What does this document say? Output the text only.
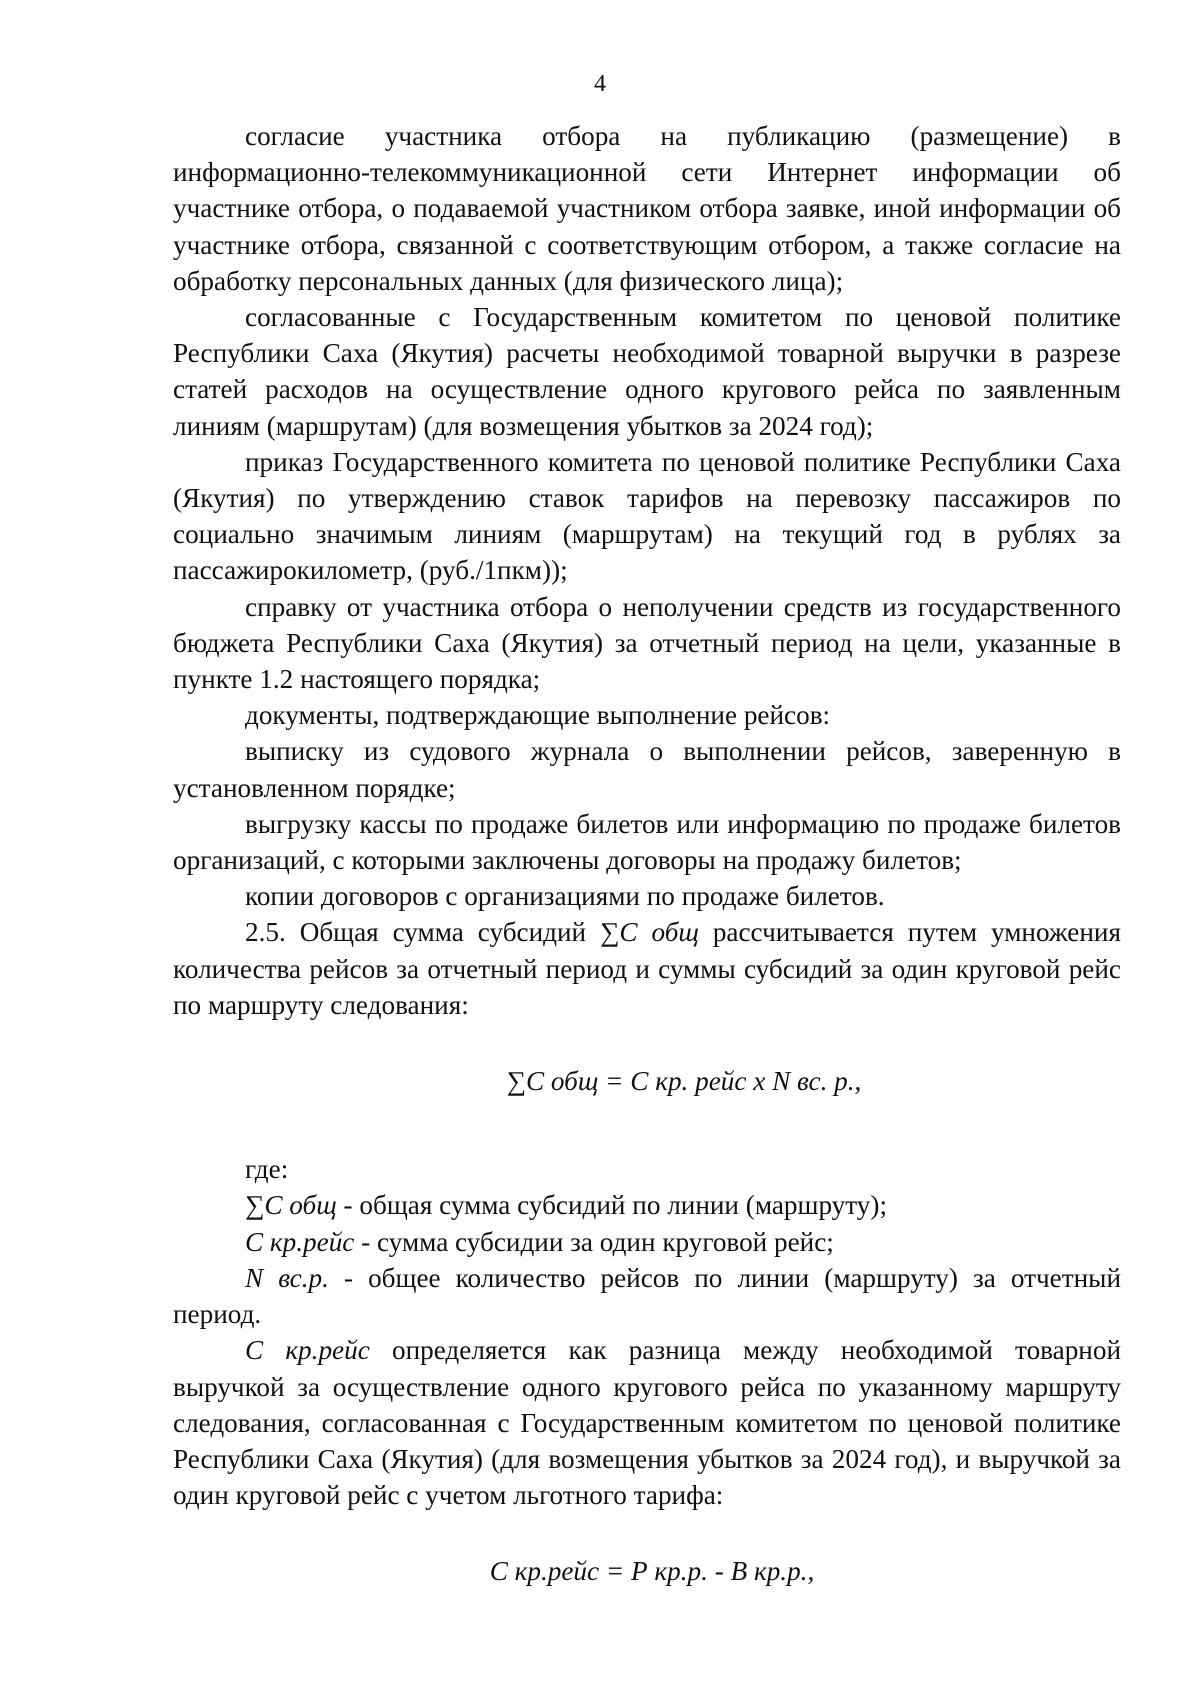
4

согласие участника отбора на публикацию (размещение) в информационно-телекоммуникационной сети Интернет информации об участнике отбора, о подаваемой участником отбора заявке, иной информации об участнике отбора, связанной с соответствующим отбором, а также согласие на обработку персональных данных (для физического лица);

согласованные с Государственным комитетом по ценовой политике Республики Саха (Якутия) расчеты необходимой товарной выручки в разрезе статей расходов на осуществление одного кругового рейса по заявленным линиям (маршрутам) (для возмещения убытков за 2024 год);

приказ Государственного комитета по ценовой политике Республики Саха (Якутия) по утверждению ставок тарифов на перевозку пассажиров по социально значимым линиям (маршрутам) на текущий год в рублях за пассажирокилометр, (руб./1пкм));

справку от участника отбора о неполучении средств из государственного бюджета Республики Саха (Якутия) за отчетный период на цели, указанные в пункте 1.2 настоящего порядка;

документы, подтверждающие выполнение рейсов:

выписку из судового журнала о выполнении рейсов, заверенную в установленном порядке;

выгрузку кассы по продаже билетов или информацию по продаже билетов организаций, с которыми заключены договоры на продажу билетов;

копии договоров с организациями по продаже билетов.

2.5. Общая сумма субсидий ∑С общ рассчитывается путем умножения количества рейсов за отчетный период и суммы субсидий за один круговой рейс по маршруту следования:

∑С общ = С кр. рейс х N вс. р.,

где:

∑С общ - общая сумма субсидий по линии (маршруту);

С кр.рейс - сумма субсидии за один круговой рейс;

N вс.р. - общее количество рейсов по линии (маршруту) за отчетный период.

С кр.рейс определяется как разница между необходимой товарной выручкой за осуществление одного кругового рейса по указанному маршруту следования, согласованная с Государственным комитетом по ценовой политике Республики Саха (Якутия) (для возмещения убытков за 2024 год), и выручкой за один круговой рейс с учетом льготного тарифа:

С кр.рейс = Р кр.р. - В кр.р.,
